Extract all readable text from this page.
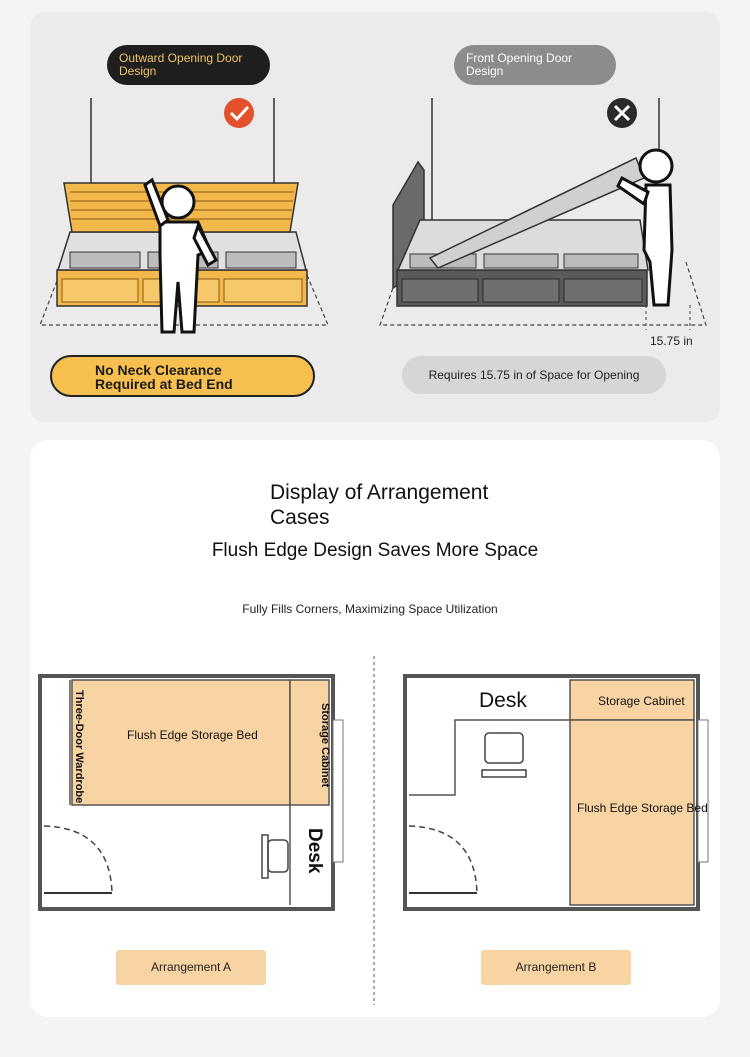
Outward Opening Door Design
Front Opening Door Design
No Neck Clearance
Required at Bed End
Requires 15.75 in of Space for Opening
15.75 in
Display of Arrangement Cases
Flush Edge Design Saves More Space
Fully Fills Corners, Maximizing Space Utilization
Three-Door Wardrobe	Flush Edge Storage Bed	Storage Cabinet
Desk
Arrangement A
Desk	Storage Cabinet
Flush Edge Storage Bed
Arrangement B
